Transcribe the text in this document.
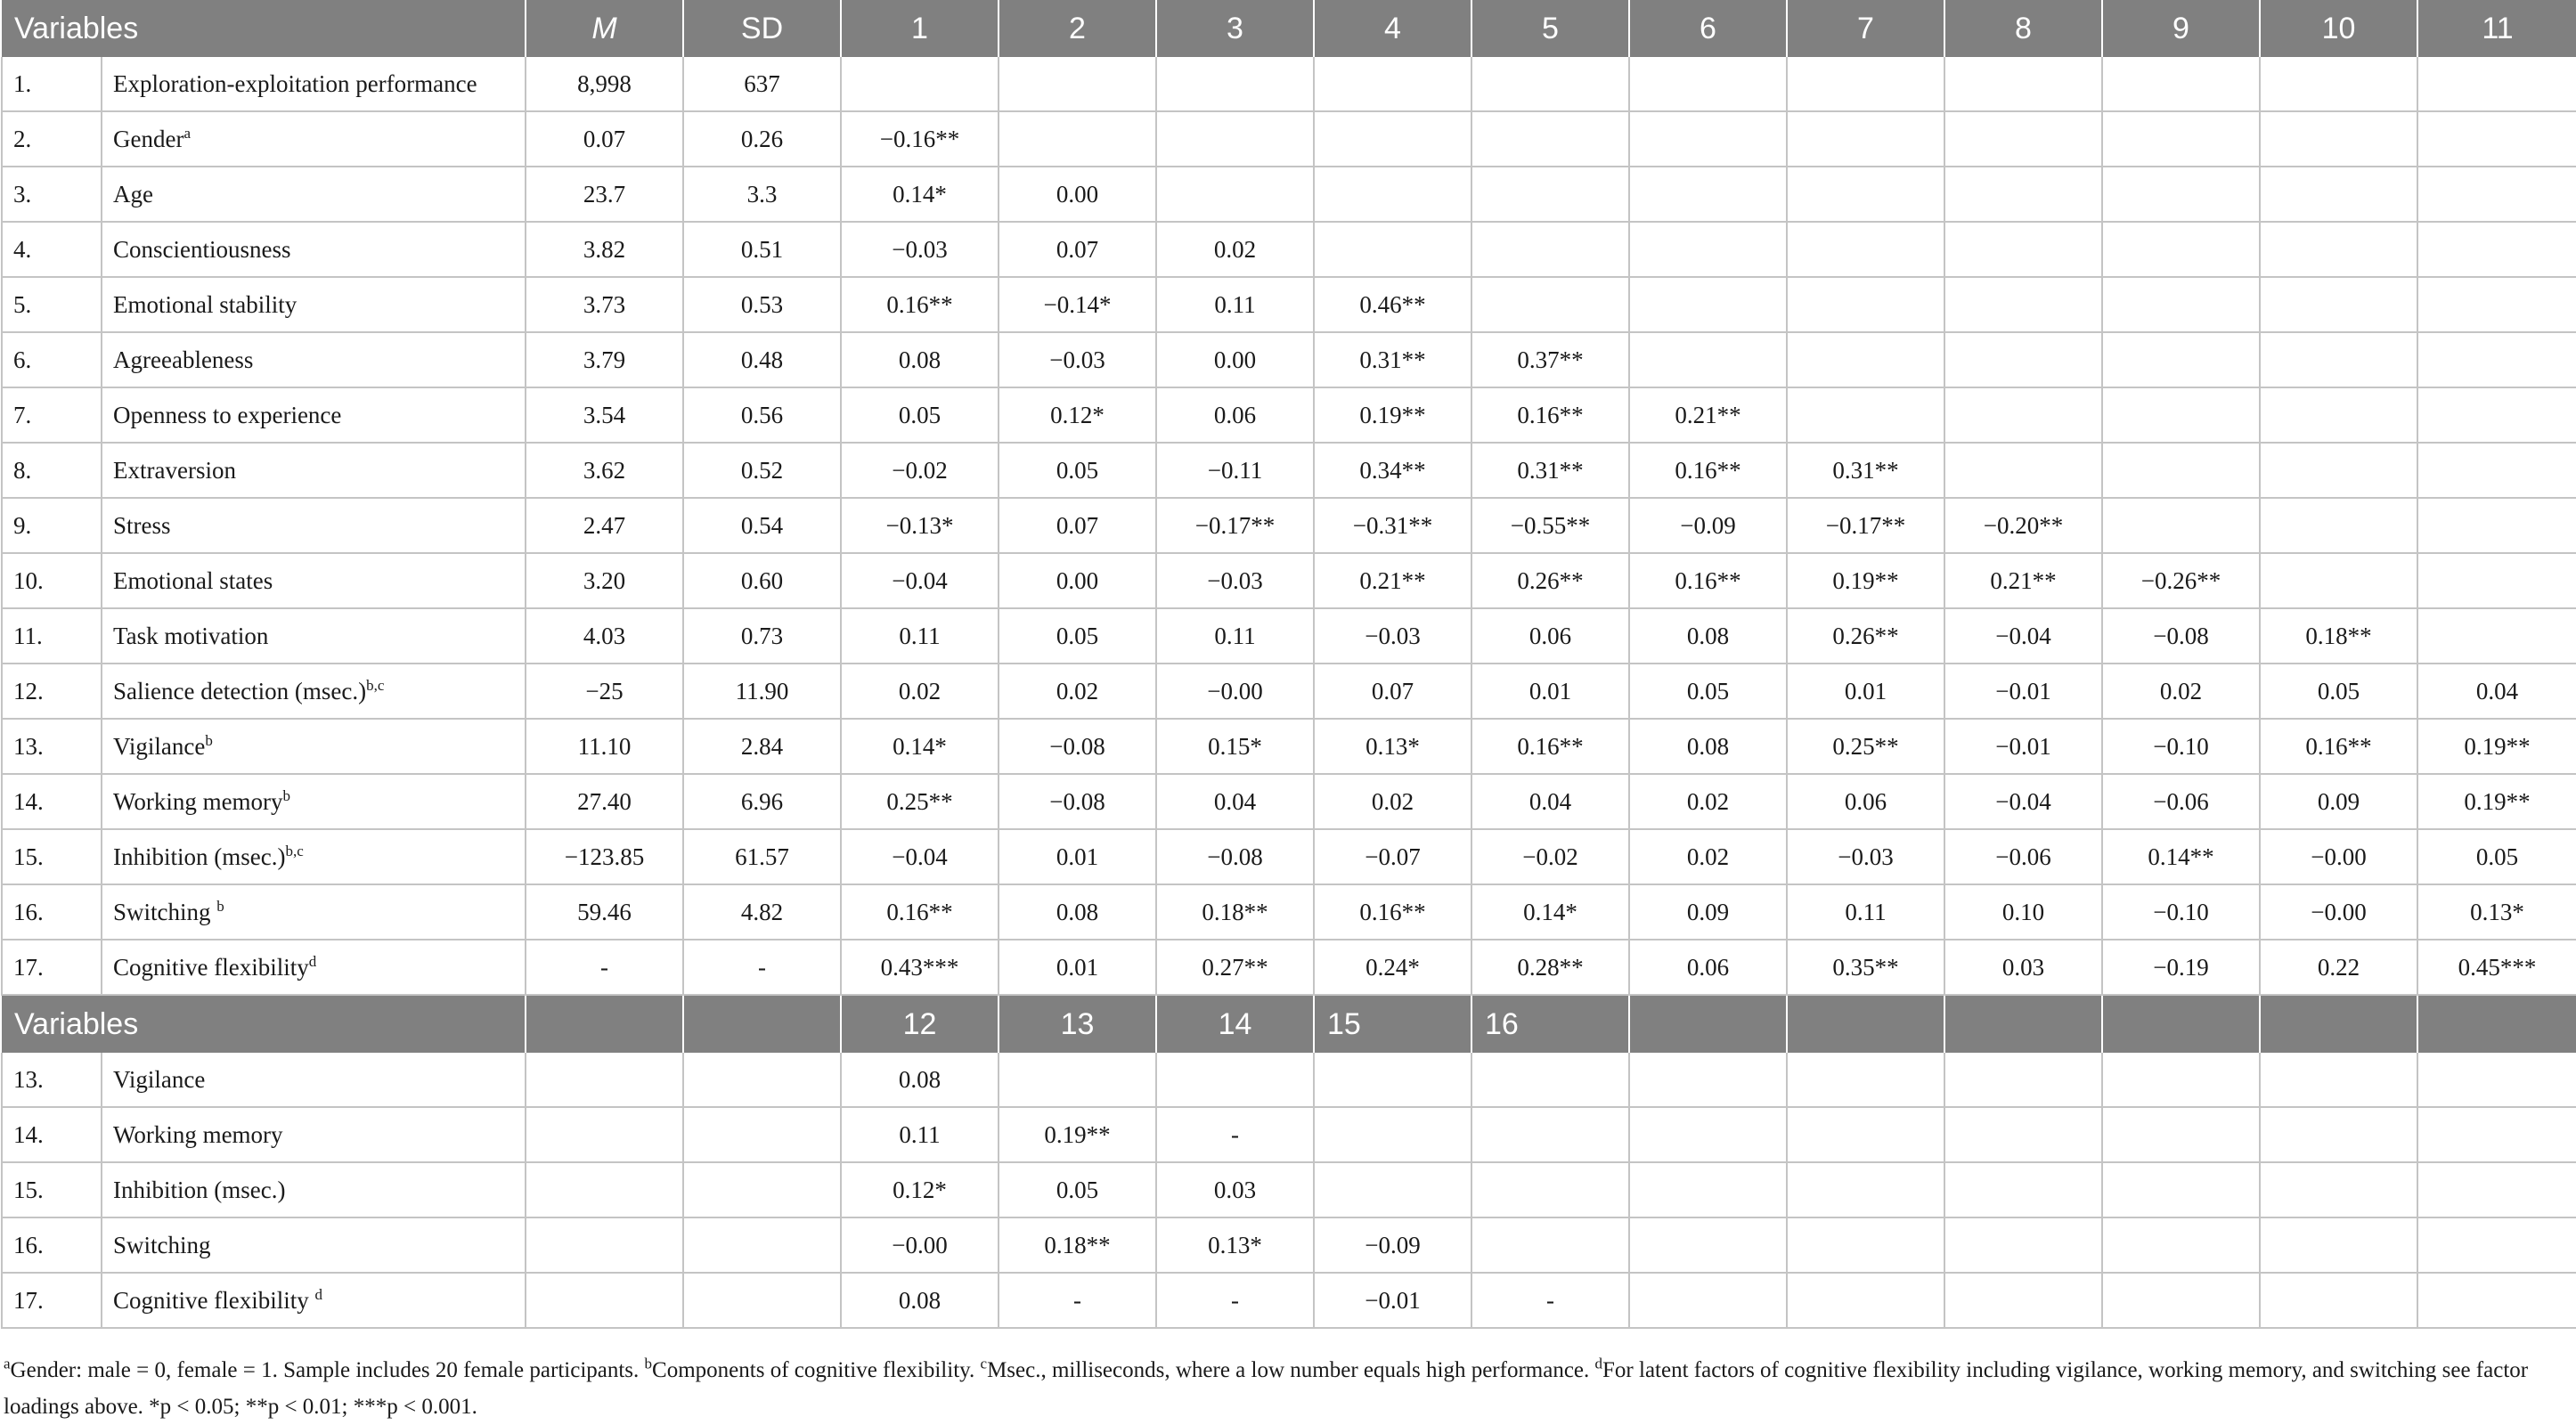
Variables		M	SD	1	2	3	4	5	6	7	8	9	10	11
1.	Exploration-exploitation performance	8,998	637											
2.	Gender$^a$	0.07	0.26	−0.16**										
3.	Age	23.7	3.3	0.14*	0.00									
4.	Conscientiousness	3.82	0.51	−0.03	0.07	0.02								
5.	Emotional stability	3.73	0.53	0.16**	−0.14*	0.11	0.46**							
6.	Agreeableness	3.79	0.48	0.08	−0.03	0.00	0.31**	0.37**						
7.	Openness to experience	3.54	0.56	0.05	0.12*	0.06	0.19**	0.16**	0.21**					
8.	Extraversion	3.62	0.52	−0.02	0.05	−0.11	0.34**	0.31**	0.16**	0.31**				
9.	Stress	2.47	0.54	−0.13*	0.07	−0.17**	−0.31**	−0.55**	−0.09	−0.17**	−0.20**			
10.	Emotional states	3.20	0.60	−0.04	0.00	−0.03	0.21**	0.26**	0.16**	0.19**	0.21**	−0.26**		
11.	Task motivation	4.03	0.73	0.11	0.05	0.11	−0.03	0.06	0.08	0.26**	−0.04	−0.08	0.18**	
12.	Salience detection $(msec.)^{b,c}$	−25	11.90	0.02	0.02	−0.00	0.07	0.01	0.05	0.01	−0.01	0.02	0.05	0.04
13.	Vigilance$^b$	11.10	2.84	0.14*	−0.08	0.15*	0.13*	0.16**	0.08	0.25**	−0.01	−0.10	0.16**	0.19**
14.	Working memory$^b$	27.40	6.96	0.25**	−0.08	0.04	0.02	0.04	0.02	0.06	−0.04	−0.06	0.09	0.19**
15.	Inhibition $(msec.)^{b,c}$	−123.85	61.57	−0.04	0.01	−0.08	−0.07	−0.02	0.02	−0.03	−0.06	0.14**	−0.00	0.05
16.	Switching $^b$	59.46	4.82	0.16**	0.08	0.18**	0.16**	0.14*	0.09	0.11	0.10	−0.10	−0.00	0.13*
17.	Cognitive flexibility$^d$	-	-	0.43***	0.01	0.27**	0.24*	0.28**	0.06	0.35**	0.03	−0.19	0.22	0.45***
Variables				12	13	14	15	16						
13.	Vigilance			0.08										
14.	Working memory			0.11	0.19**	-								
15.	Inhibition (msec.)			0.12*	0.05	0.03								
16.	Switching			−0.00	0.18**	0.13*	−0.09							
17.	Cognitive flexibility $^d$			0.08	-	-	−0.01	-						
$^a$Gender: male = 0, female = 1. Sample includes 20 female participants. $^b$Components of cognitive flexibility. $^c$Msec., milliseconds, where a low number equals high performance. $^d$For latent factors of cognitive flexibility including vigilance, working memory, and switching see factor loadings above. *p < 0.05; **p < 0.01; ***p < 0.001.
